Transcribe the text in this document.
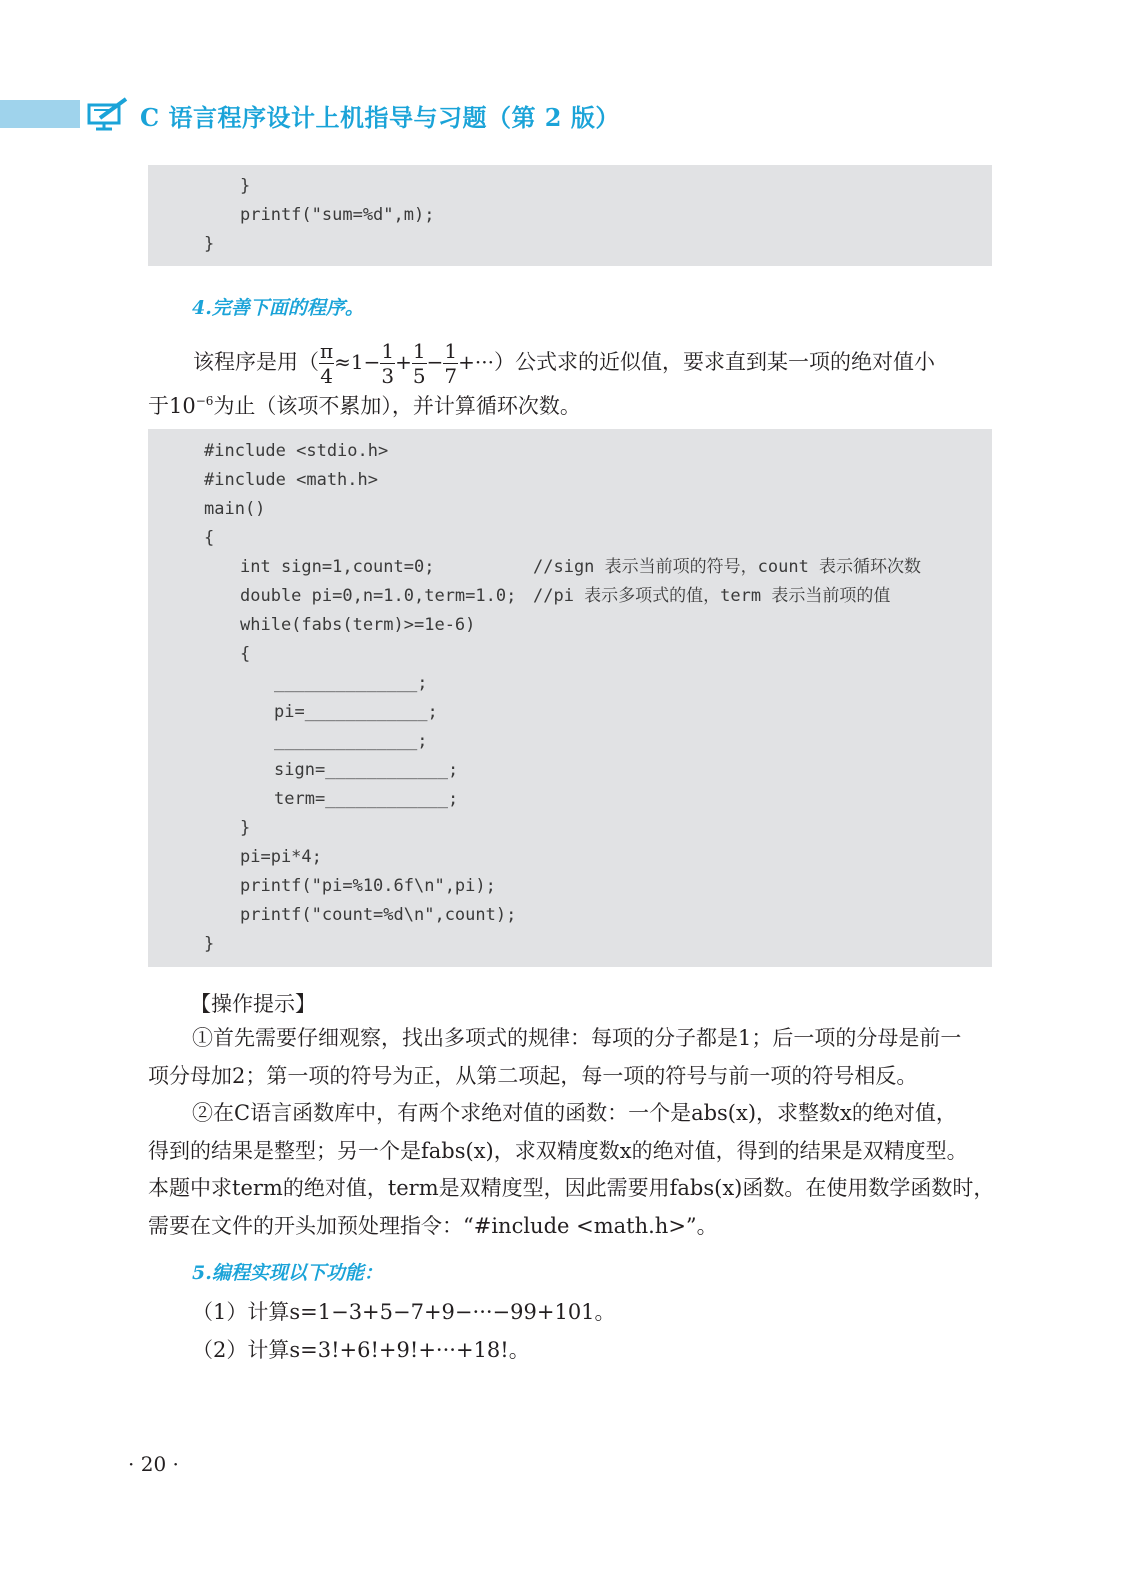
C 语言程序设计上机指导与习题（第 2 版）
}
printf("sum=%d",m);
}
4.完善下面的程序。
该程序是用（ $\frac{\pi}{4} \approx 1- \frac{1}{3} + \frac{1}{5} - \frac{1}{7}$ +···）公式求的近似值，要求直到某一项的绝对值小
于$10^{-6}$为止（该项不累加），并计算循环次数。
#include <stdio.h>
#include <math.h>
main()
{
int sign=1,count=0;	//sign 表示当前项的符号，count 表示循环次数
double pi=0,n=1.0,term=1.0; //pi 表示多项式的值，term 表示当前项的值
while(fabs(term)>=1e-6)
{
______________;
pi=____________;
______________;
sign=____________;
term=____________;
}
pi=pi*4;
printf("pi=%10.6f\n",pi);
printf("count=%d\n",count);
}
【操作提示】
①首先需要仔细观察，找出多项式的规律：每项的分子都是1；后一项的分母是前一
项分母加2；第一项的符号为正，从第二项起，每一项的符号与前一项的符号相反。
②在C语言函数库中，有两个求绝对值的函数：一个是abs(x)，求整数x的绝对值，
得到的结果是整型；另一个是fabs(x)，求双精度数x的绝对值，得到的结果是双精度型。
本题中求term的绝对值，term是双精度型，因此需要用fabs(x)函数。在使用数学函数时，
需要在文件的开头加预处理指令：“#include <math.h>”。
5.编程实现以下功能：
（1）计算s=1−3+5−7+9−···−99+101。
（2）计算s=3!+6!+9!+···+18!。
· 20 ·
